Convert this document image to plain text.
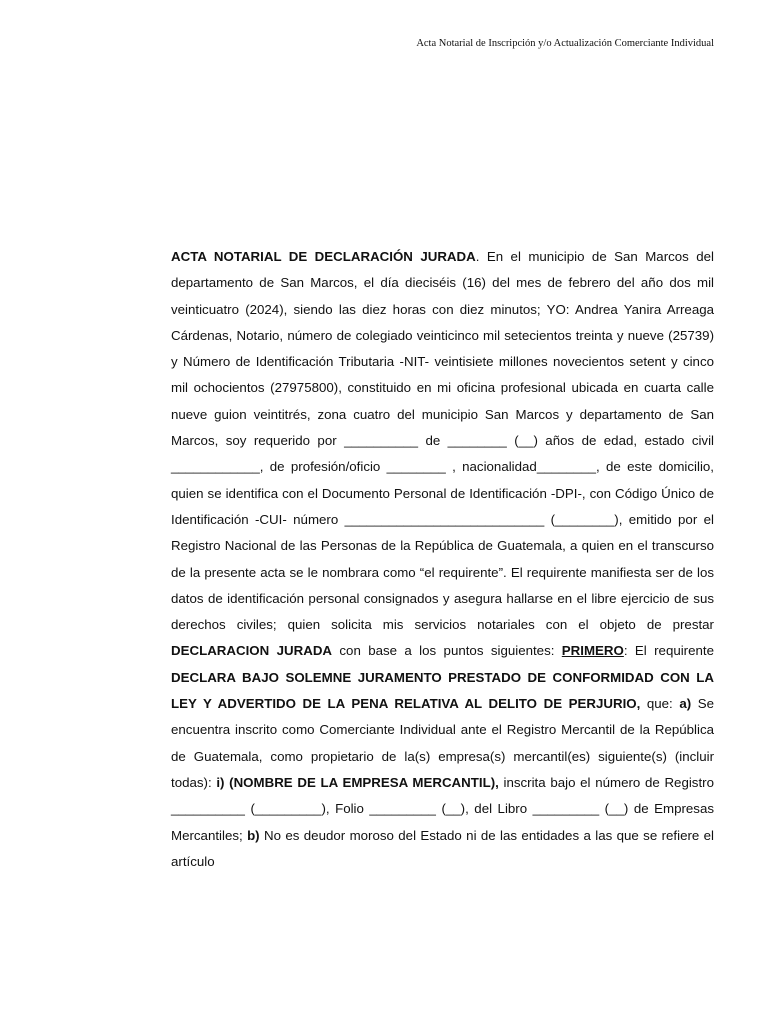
Acta Notarial de Inscripción y/o Actualización Comerciante Individual

ACTA NOTARIAL DE DECLARACIÓN JURADA. En el municipio de San Marcos del departamento de San Marcos, el día dieciséis (16) del mes de febrero del año dos mil veinticuatro (2024), siendo las diez horas con diez minutos; YO: Andrea Yanira Arreaga Cárdenas, Notario, número de colegiado veinticinco mil setecientos treinta y nueve (25739) y Número de Identificación Tributaria -NIT- veintisiete millones novecientos setent y cinco mil ochocientos (27975800), constituido en mi oficina profesional ubicada en cuarta calle nueve guion veintitrés, zona cuatro del municipio San Marcos y departamento de San Marcos, soy requerido por __________ de ________ (__) años de edad, estado civil ____________, de profesión/oficio ________ , nacionalidad________, de este domicilio, quien se identifica con el Documento Personal de Identificación -DPI-, con Código Único de Identificación -CUI- número ___________________________ (________), emitido por el Registro Nacional de las Personas de la República de Guatemala, a quien en el transcurso de la presente acta se le nombrara como “el requirente”. El requirente manifiesta ser de los datos de identificación personal consignados y asegura hallarse en el libre ejercicio de sus derechos civiles; quien solicita mis servicios notariales con el objeto de prestar DECLARACION JURADA con base a los puntos siguientes: PRIMERO: El requirente DECLARA BAJO SOLEMNE JURAMENTO PRESTADO DE CONFORMIDAD CON LA LEY Y ADVERTIDO DE LA PENA RELATIVA AL DELITO DE PERJURIO, que: a) Se encuentra inscrito como Comerciante Individual ante el Registro Mercantil de la República de Guatemala, como propietario de la(s) empresa(s) mercantil(es) siguiente(s) (incluir todas): i) (NOMBRE DE LA EMPRESA MERCANTIL), inscrita bajo el número de Registro __________ (_________), Folio _________ (__), del Libro _________ (__) de Empresas Mercantiles; b) No es deudor moroso del Estado ni de las entidades a las que se refiere el artículo
